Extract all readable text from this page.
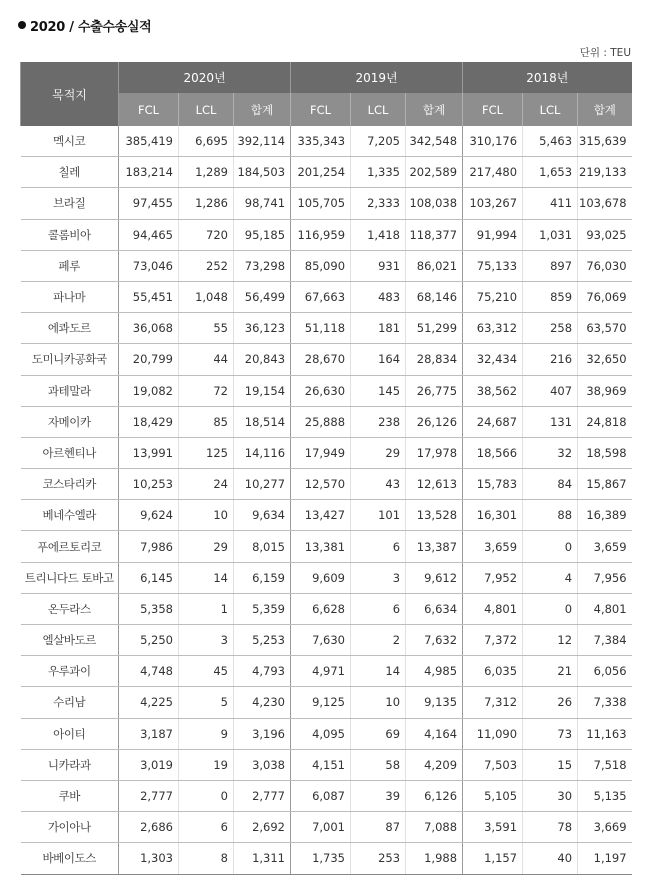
2020 / 수출수송실적
단위 : TEU
목적지	2020년			2019년			2018년		
	FCL	LCL	합계	FCL	LCL	합계	FCL	LCL	합계
멕시코	385,419	6,695	392,114	335,343	7,205	342,548	310,176	5,463	315,639
칠레	183,214	1,289	184,503	201,254	1,335	202,589	217,480	1,653	219,133
브라질	97,455	1,286	98,741	105,705	2,333	108,038	103,267	411	103,678
콜롬비아	94,465	720	95,185	116,959	1,418	118,377	91,994	1,031	93,025
페루	73,046	252	73,298	85,090	931	86,021	75,133	897	76,030
파나마	55,451	1,048	56,499	67,663	483	68,146	75,210	859	76,069
에콰도르	36,068	55	36,123	51,118	181	51,299	63,312	258	63,570
도미니카공화국	20,799	44	20,843	28,670	164	28,834	32,434	216	32,650
과테말라	19,082	72	19,154	26,630	145	26,775	38,562	407	38,969
자메이카	18,429	85	18,514	25,888	238	26,126	24,687	131	24,818
아르헨티나	13,991	125	14,116	17,949	29	17,978	18,566	32	18,598
코스타리카	10,253	24	10,277	12,570	43	12,613	15,783	84	15,867
베네수엘라	9,624	10	9,634	13,427	101	13,528	16,301	88	16,389
푸에르토리코	7,986	29	8,015	13,381	6	13,387	3,659	0	3,659
트리니다드 토바고	6,145	14	6,159	9,609	3	9,612	7,952	4	7,956
온두라스	5,358	1	5,359	6,628	6	6,634	4,801	0	4,801
엘살바도르	5,250	3	5,253	7,630	2	7,632	7,372	12	7,384
우루과이	4,748	45	4,793	4,971	14	4,985	6,035	21	6,056
수리남	4,225	5	4,230	9,125	10	9,135	7,312	26	7,338
아이티	3,187	9	3,196	4,095	69	4,164	11,090	73	11,163
니카라과	3,019	19	3,038	4,151	58	4,209	7,503	15	7,518
쿠바	2,777	0	2,777	6,087	39	6,126	5,105	30	5,135
가이아나	2,686	6	2,692	7,001	87	7,088	3,591	78	3,669
바베이도스	1,303	8	1,311	1,735	253	1,988	1,157	40	1,197
